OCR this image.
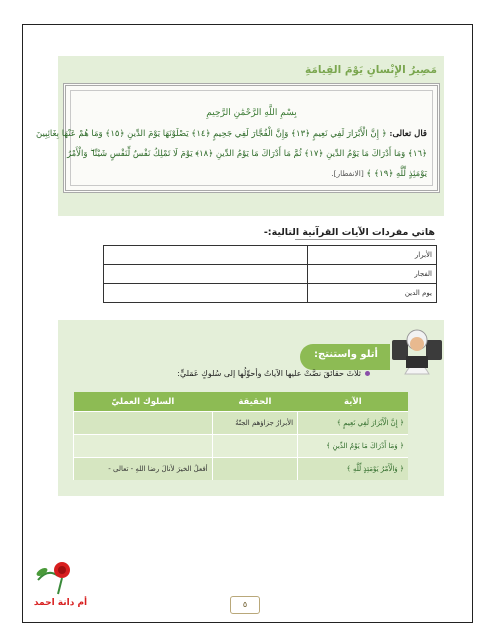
مَصِيرُ الإِنْسانِ يَوْمَ القِيامَةِ
بِسْمِ اللَّهِ الرَّحْمَٰنِ الرَّحِيمِ
قال تعالى: ﴿ إِنَّ الْأَبْرَارَ لَفِي نَعِيمٍ ﴿١٣﴾ وَإِنَّ الْفُجَّارَ لَفِي جَحِيمٍ ﴿١٤﴾ يَصْلَوْنَهَا يَوْمَ الدِّينِ ﴿١٥﴾ وَمَا هُمْ عَنْهَا بِغَائِبِينَ
﴿١٦﴾ وَمَا أَدْرَاكَ مَا يَوْمُ الدِّينِ ﴿١٧﴾ ثُمَّ مَا أَدْرَاكَ مَا يَوْمُ الدِّينِ ﴿١٨﴾ يَوْمَ لَا تَمْلِكُ نَفْسٌ لِّنَفْسٍ شَيْئًا ۖ وَالْأَمْرُ
يَوْمَئِذٍ لِّلَّهِ ﴿١٩﴾ ﴾ [الانفطار].
هاتي مفردات الآيات القرآنية التالية:-
	الأبرار
	الفجار
	يوم الدين
أتلو واستنتج:
ثلاثَ حقائقَ نصَّتْ عليها الآياتُ وأحوِّلُها إلى سُلوكٍ عَمَليٍّ:
الآية	الحقيقة	السلوك العمليّ
﴿ إِنَّ الْأَبْرَارَ لَفِي نَعِيمٍ ﴾	الأبرارُ جزاؤهم الجنّةُ	
﴿ وَمَا أَدْرَاكَ مَا يَوْمُ الدِّينِ ﴾		
﴿ وَالْأَمْرُ يَوْمَئِذٍ لِّلَّهِ ﴾		أفعلُ الخيرَ لأنالَ رضا اللهِ - تعالى -
أم دانة احمد	٥
